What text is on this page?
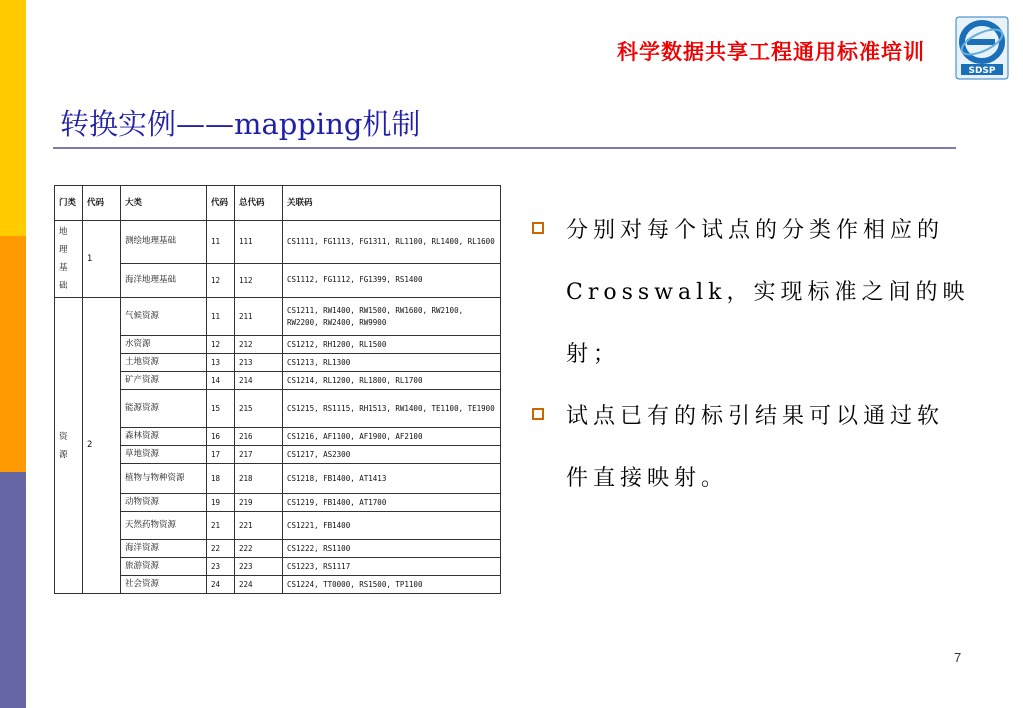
科学数据共享工程通用标准培训
SDSP
转换实例——mapping机制
门类	代码	大类	代码	总代码	关联码

地理基础	1	测绘地理基础	11	111	CS1111, FG1113, FG1311, RL1100, RL1400, RL1600
		海洋地理基础	12	112	CS1112, FG1112, FG1399, RS1400

资源	2	气候资源	11	211	CS1211, RW1400, RW1500, RW1600, RW2100, RW2200, RW2400, RW9900
		水资源	12	212	CS1212, RH1200, RL1500
		土地资源	13	213	CS1213, RL1300
		矿产资源	14	214	CS1214, RL1200, RL1800, RL1700
		能源资源	15	215	CS1215, RS1115, RH1513, RW1400, TE1100, TE1900
		森林资源	16	216	CS1216, AF1100, AF1900, AF2100
		草地资源	17	217	CS1217, AS2300
		植物与物种资源	18	218	CS1218, FB1400, AT1413
		动物资源	19	219	CS1219, FB1400, AT1700
		天然药物资源	21	221	CS1221, FB1400
		海洋资源	22	222	CS1222, RS1100
		旅游资源	23	223	CS1223, RS1117
		社会资源	24	224	CS1224, TT0000, RS1500, TP1100
分别对每个试点的分类作相应的Crosswalk，实现标准之间的映射；
试点已有的标引结果可以通过软件直接映射。
7
